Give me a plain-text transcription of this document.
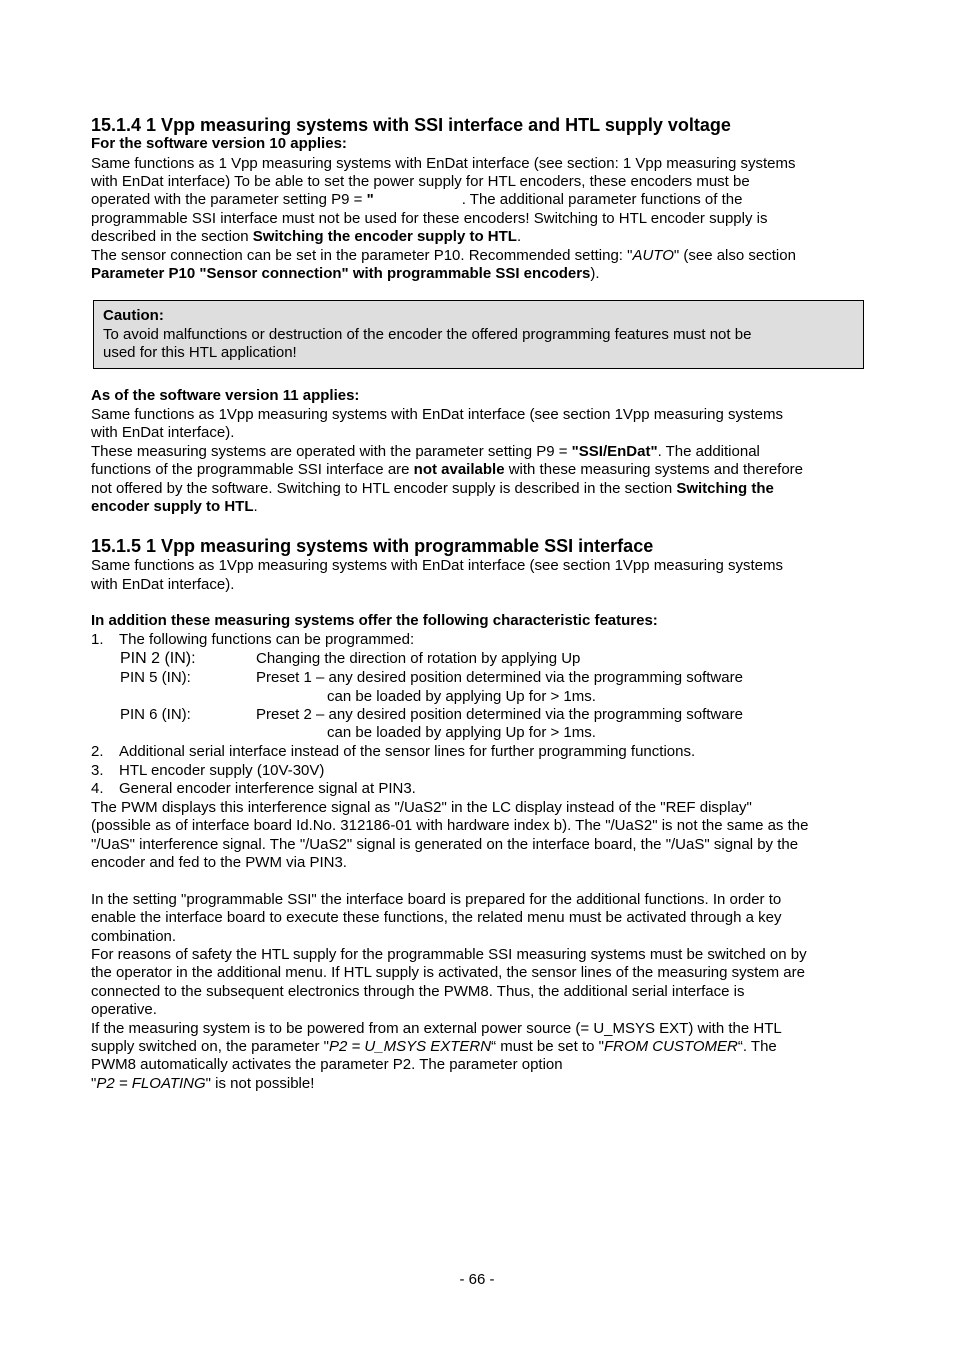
15.1.4 1 Vpp measuring systems with SSI interface and HTL supply voltage
For the software version 10 applies:
Same functions as 1 Vpp measuring systems with EnDat interface (see section: 1 Vpp measuring systems
with EnDat interface) To be able to set the power supply for HTL encoders, these encoders must be
operated with the parameter setting P9 = "	. The additional parameter functions of the
programmable SSI interface must not be used for these encoders! Switching to HTL encoder supply is
described in the section Switching the encoder supply to HTL.
The sensor connection can be set in the parameter P10. Recommended setting: "AUTO" (see also section
Parameter P10 "Sensor connection" with programmable SSI encoders).
Caution:
To avoid malfunctions or destruction of the encoder the offered programming features must not be
used for this HTL application!
As of the software version 11 applies:
Same functions as 1Vpp measuring systems with EnDat interface (see section 1Vpp measuring systems
with EnDat interface).
These measuring systems are operated with the parameter setting P9 = "SSI/EnDat". The additional
functions of the programmable SSI interface are not available with these measuring systems and therefore
not offered by the software. Switching to HTL encoder supply is described in the section Switching the
encoder supply to HTL.
15.1.5 1 Vpp measuring systems with programmable SSI interface
Same functions as 1Vpp measuring systems with EnDat interface (see section 1Vpp measuring systems
with EnDat interface).
In addition these measuring systems offer the following characteristic features:
1. The following functions can be programmed:
PIN 2 (IN):	Changing the direction of rotation by applying Up
PIN 5 (IN):	Preset 1 – any desired position determined via the programming software
can be loaded by applying Up for > 1ms.
PIN 6 (IN):	Preset 2 – any desired position determined via the programming software
can be loaded by applying Up for > 1ms.
2. Additional serial interface instead of the sensor lines for further programming functions.
3. HTL encoder supply (10V-30V)
4. General encoder interference signal at PIN3.
The PWM displays this interference signal as "/UaS2" in the LC display instead of the "REF display"
(possible as of interface board Id.No. 312186-01 with hardware index b). The "/UaS2" is not the same as the
"/UaS" interference signal. The "/UaS2" signal is generated on the interface board, the "/UaS" signal by the
encoder and fed to the PWM via PIN3.
In the setting "programmable SSI" the interface board is prepared for the additional functions. In order to
enable the interface board to execute these functions, the related menu must be activated through a key
combination.
For reasons of safety the HTL supply for the programmable SSI measuring systems must be switched on by
the operator in the additional menu. If HTL supply is activated, the sensor lines of the measuring system are
connected to the subsequent electronics through the PWM8. Thus, the additional serial interface is
operative.
If the measuring system is to be powered from an external power source (= U_MSYS EXT) with the HTL
supply switched on, the parameter "P2 = U_MSYS EXTERN“ must be set to "FROM CUSTOMER“. The
PWM8 automatically activates the parameter P2. The parameter option
"P2 = FLOATING" is not possible!
- 66 -
